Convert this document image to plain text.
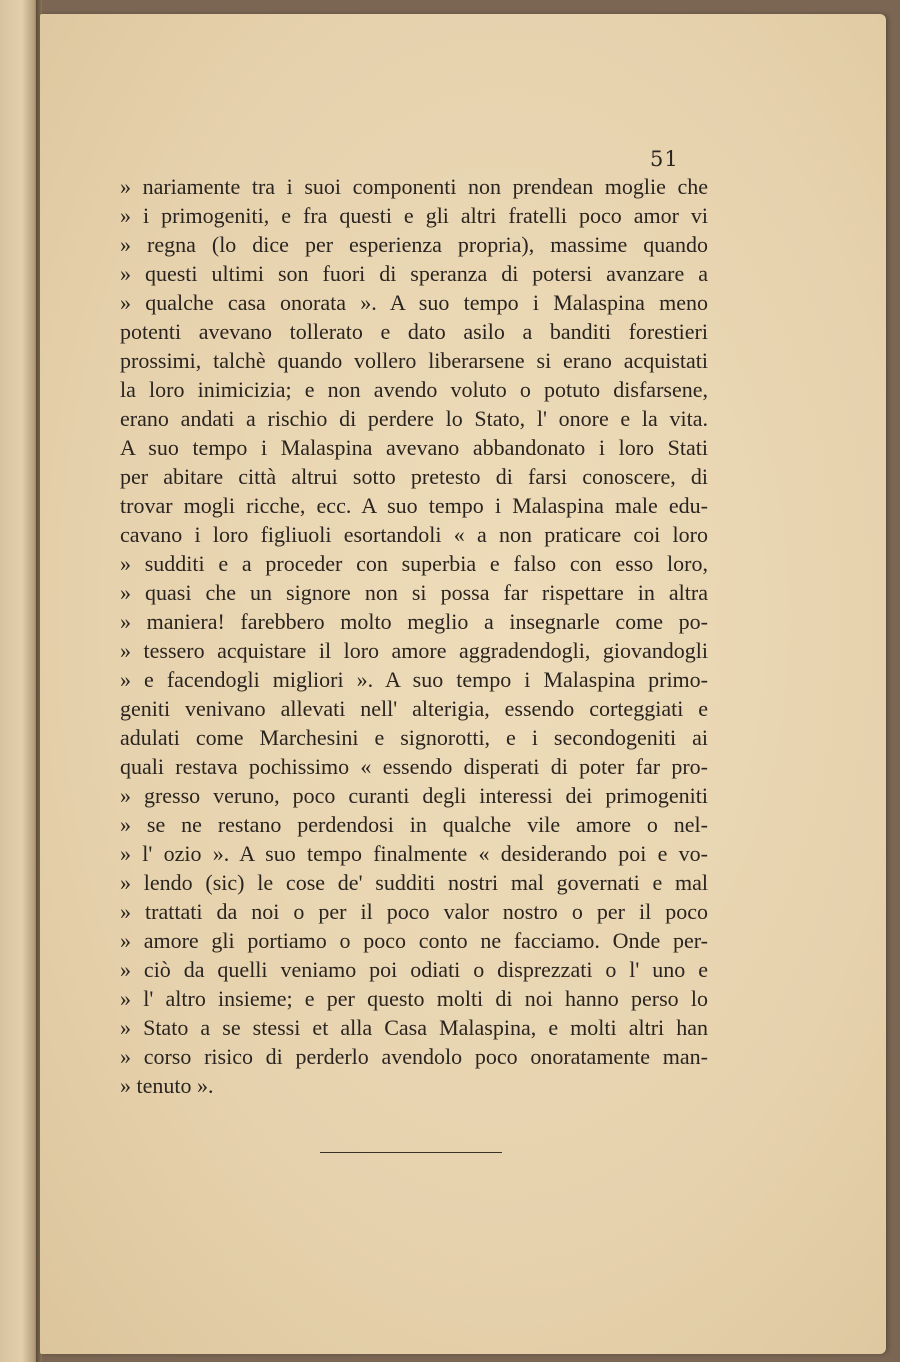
51
» nariamente tra i suoi componenti non prendean moglie che
» i primogeniti, e fra questi e gli altri fratelli poco amor vi
» regna (lo dice per esperienza propria), massime quando
» questi ultimi son fuori di speranza di potersi avanzare a
» qualche casa onorata ». A suo tempo i Malaspina meno
potenti avevano tollerato e dato asilo a banditi forestieri
prossimi, talchè quando vollero liberarsene si erano acquistati
la loro inimicizia; e non avendo voluto o potuto disfarsene,
erano andati a rischio di perdere lo Stato, l' onore e la vita.
A suo tempo i Malaspina avevano abbandonato i loro Stati
per abitare città altrui sotto pretesto di farsi conoscere, di
trovar mogli ricche, ecc. A suo tempo i Malaspina male edu-
cavano i loro figliuoli esortandoli « a non praticare coi loro
» sudditi e a proceder con superbia e falso con esso loro,
» quasi che un signore non si possa far rispettare in altra
» maniera! farebbero molto meglio a insegnarle come po-
» tessero acquistare il loro amore aggradendogli, giovandogli
» e facendogli migliori ». A suo tempo i Malaspina primo-
geniti venivano allevati nell' alterigia, essendo corteggiati e
adulati come Marchesini e signorotti, e i secondogeniti ai
quali restava pochissimo « essendo disperati di poter far pro-
» gresso veruno, poco curanti degli interessi dei primogeniti
» se ne restano perdendosi in qualche vile amore o nel-
» l' ozio ». A suo tempo finalmente « desiderando poi e vo-
» lendo (sic) le cose de' sudditi nostri mal governati e mal
» trattati da noi o per il poco valor nostro o per il poco
» amore gli portiamo o poco conto ne facciamo. Onde per-
» ciò da quelli veniamo poi odiati o disprezzati o l' uno e
» l' altro insieme; e per questo molti di noi hanno perso lo
» Stato a se stessi et alla Casa Malaspina, e molti altri han
» corso risico di perderlo avendolo poco onoratamente man-
» tenuto ».
